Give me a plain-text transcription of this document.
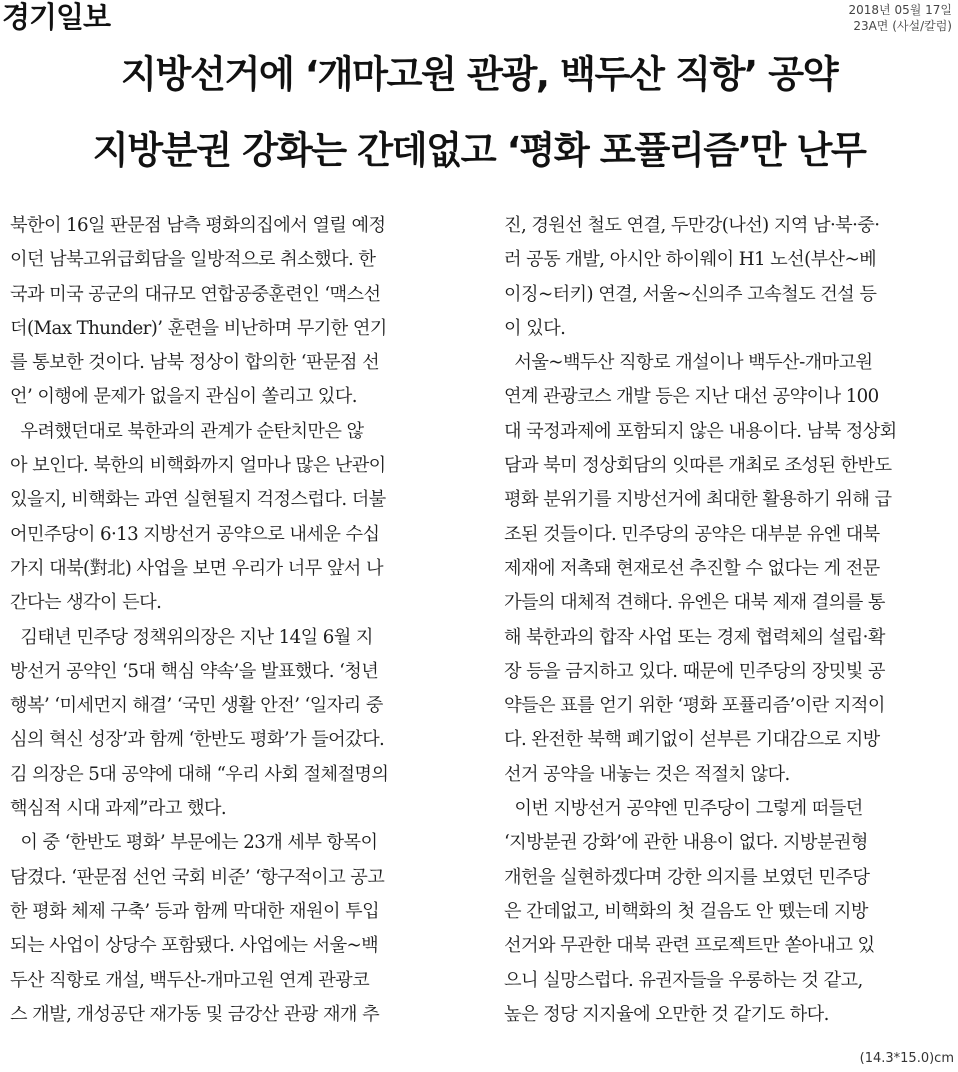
경기일보	2018년 05월 17일
23A면 (사설/칼럼)
지방선거에 ‘개마고원 관광, 백두산 직항’ 공약
지방분권 강화는 간데없고 ‘평화 포퓰리즘’만 난무
북한이 16일 판문점 남측 평화의집에서 열릴 예정
이던 남북고위급회담을 일방적으로 취소했다. 한
국과 미국 공군의 대규모 연합공중훈련인 ‘맥스선
더(Max Thunder)’ 훈련을 비난하며 무기한 연기
를 통보한 것이다. 남북 정상이 합의한 ‘판문점 선
언’ 이행에 문제가 없을지 관심이 쏠리고 있다.
우려했던대로 북한과의 관계가 순탄치만은 않
아 보인다. 북한의 비핵화까지 얼마나 많은 난관이
있을지, 비핵화는 과연 실현될지 걱정스럽다. 더불
어민주당이 6·13 지방선거 공약으로 내세운 수십
가지 대북(對北) 사업을 보면 우리가 너무 앞서 나
간다는 생각이 든다.
김태년 민주당 정책위의장은 지난 14일 6월 지
방선거 공약인 ‘5대 핵심 약속’을 발표했다. ‘청년
행복’ ‘미세먼지 해결’ ‘국민 생활 안전’ ‘일자리 중
심의 혁신 성장’과 함께 ‘한반도 평화’가 들어갔다.
김 의장은 5대 공약에 대해 “우리 사회 절체절명의
핵심적 시대 과제”라고 했다.
이 중 ‘한반도 평화’ 부문에는 23개 세부 항목이
담겼다. ‘판문점 선언 국회 비준’ ‘항구적이고 공고
한 평화 체제 구축’ 등과 함께 막대한 재원이 투입
되는 사업이 상당수 포함됐다. 사업에는 서울~백
두산 직항로 개설, 백두산-개마고원 연계 관광코
스 개발, 개성공단 재가동 및 금강산 관광 재개 추
진, 경원선 철도 연결, 두만강(나선) 지역 남·북·중·
러 공동 개발, 아시안 하이웨이 H1 노선(부산~베
이징~터키) 연결, 서울~신의주 고속철도 건설 등
이 있다.
서울~백두산 직항로 개설이나 백두산-개마고원
연계 관광코스 개발 등은 지난 대선 공약이나 100
대 국정과제에 포함되지 않은 내용이다. 남북 정상회
담과 북미 정상회담의 잇따른 개최로 조성된 한반도
평화 분위기를 지방선거에 최대한 활용하기 위해 급
조된 것들이다. 민주당의 공약은 대부분 유엔 대북
제재에 저촉돼 현재로선 추진할 수 없다는 게 전문
가들의 대체적 견해다. 유엔은 대북 제재 결의를 통
해 북한과의 합작 사업 또는 경제 협력체의 설립·확
장 등을 금지하고 있다. 때문에 민주당의 장밋빛 공
약들은 표를 얻기 위한 ‘평화 포퓰리즘’이란 지적이
다. 완전한 북핵 폐기없이 섣부른 기대감으로 지방
선거 공약을 내놓는 것은 적절치 않다.
이번 지방선거 공약엔 민주당이 그렇게 떠들던
‘지방분권 강화’에 관한 내용이 없다. 지방분권형
개헌을 실현하겠다며 강한 의지를 보였던 민주당
은 간데없고, 비핵화의 첫 걸음도 안 뗐는데 지방
선거와 무관한 대북 관련 프로젝트만 쏟아내고 있
으니 실망스럽다. 유권자들을 우롱하는 것 같고,
높은 정당 지지율에 오만한 것 같기도 하다.
(14.3*15.0)cm
